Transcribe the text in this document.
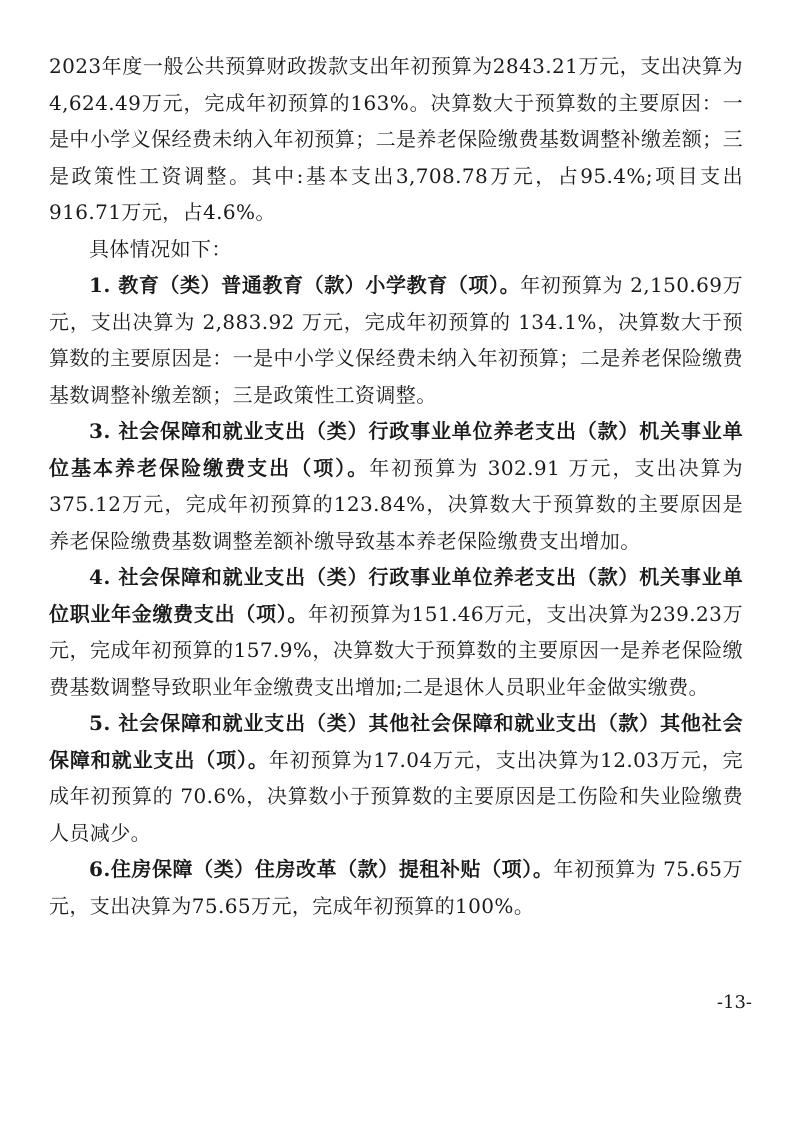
2023年度一般公共预算财政拨款支出年初预算为2843.21万元，支出决算为4,624.49万元，完成年初预算的163%。决算数大于预算数的主要原因：一是中小学义保经费未纳入年初预算；二是养老保险缴费基数调整补缴差额；三是政策性工资调整。其中:基本支出3,708.78万元，占95.4%;项目支出916.71万元，占4.6%。

具体情况如下：

1. 教育（类）普通教育（款）小学教育（项）。年初预算为 2,150.69万元，支出决算为 2,883.92 万元，完成年初预算的 134.1%，决算数大于预算数的主要原因是：一是中小学义保经费未纳入年初预算；二是养老保险缴费基数调整补缴差额；三是政策性工资调整。

3. 社会保障和就业支出（类）行政事业单位养老支出（款）机关事业单位基本养老保险缴费支出（项）。年初预算为 302.91 万元，支出决算为375.12万元，完成年初预算的123.84%，决算数大于预算数的主要原因是养老保险缴费基数调整差额补缴导致基本养老保险缴费支出增加。

4. 社会保障和就业支出（类）行政事业单位养老支出（款）机关事业单位职业年金缴费支出（项）。年初预算为151.46万元，支出决算为239.23万元，完成年初预算的157.9%，决算数大于预算数的主要原因一是养老保险缴费基数调整导致职业年金缴费支出增加;二是退休人员职业年金做实缴费。

5. 社会保障和就业支出（类）其他社会保障和就业支出（款）其他社会保障和就业支出（项）。年初预算为17.04万元，支出决算为12.03万元，完成年初预算的 70.6%，决算数小于预算数的主要原因是工伤险和失业险缴费人员减少。

6.住房保障（类）住房改革（款）提租补贴（项）。年初预算为 75.65万元，支出决算为75.65万元，完成年初预算的100%。

-13-
